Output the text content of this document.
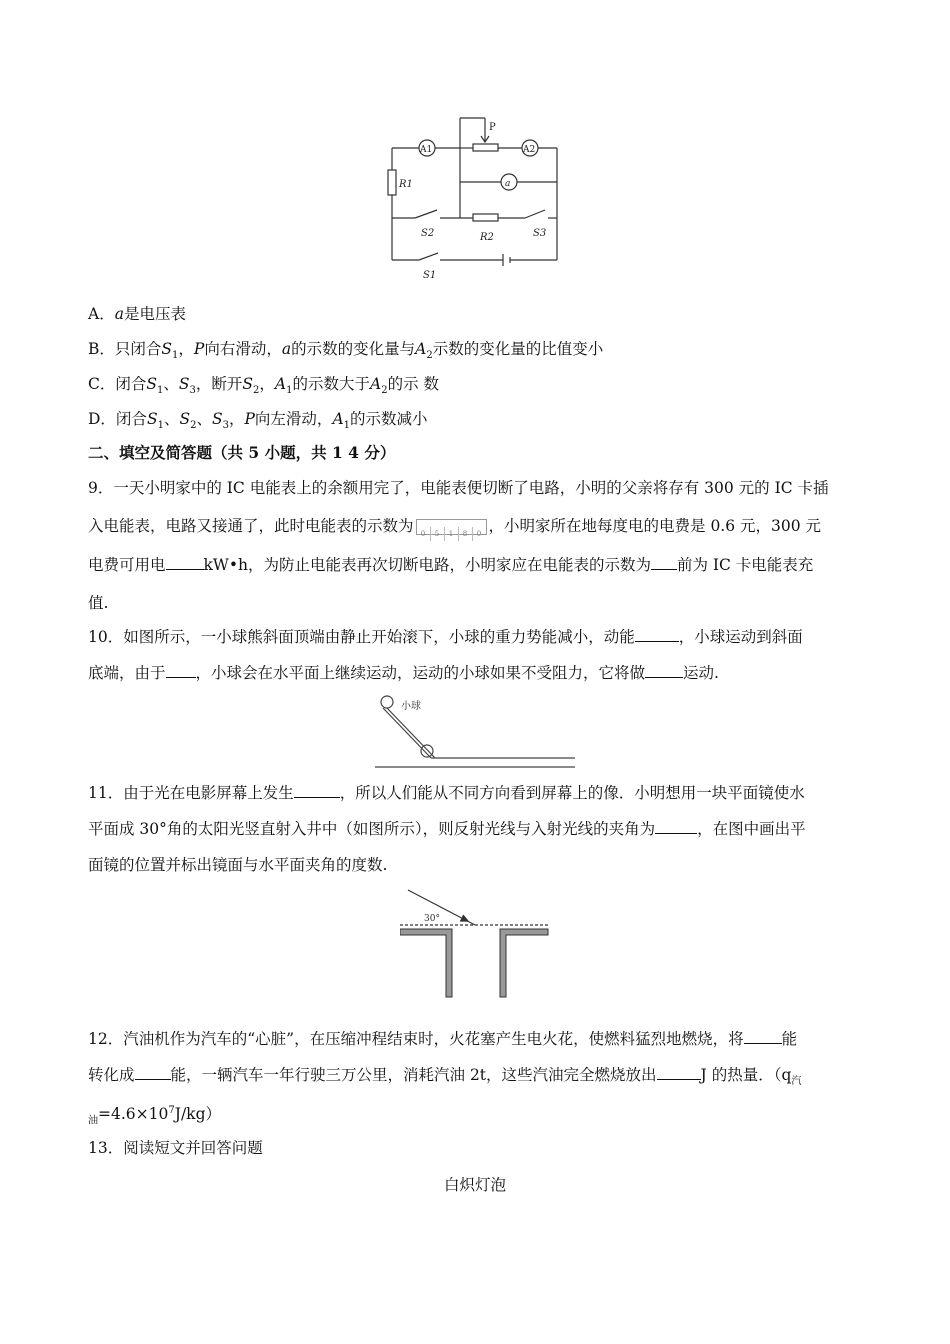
P
A1	A2
a
R1
R2
S2	S3
S1
A．a是电压表
B．只闭合$S_1$，P向右滑动，a的示数的变化量与$A_2$示数的变化量的比值变小
C．闭合$S_1$、$S_3$，断开$S_2$，$A_1$的示数大于$A_2$的示 数
D．闭合$S_1$、$S_2$、$S_3$，P向左滑动，$A_1$的示数减小
二、填空及简答题（共 5 小题，共 1 4 分）
9．一天小明家中的 IC 电能表上的余额用完了，电能表便切断了电路，小明的父亲将存有 300 元的 IC 卡插
入电能表，电路又接通了，此时电能表的示数为 0 5 1 8 0 ，小明家所在地每度电的电费是 0.6 元，300 元
电费可用电 kW•h，为防止电能表再次切断电路，小明家应在电能表的示数为 前为 IC 卡电能表充
值.
10．如图所示，一小球熊斜面顶端由静止开始滚下，小球的重力势能减小，动能	，小球运动到斜面
底端，由于 ，小球会在水平面上继续运动，运动的小球如果不受阻力，它将做 运动.
小球
11．由于光在电影屏幕上发生	，所以人们能从不同方向看到屏幕上的像．小明想用一块平面镜使水
平面成 30°角的太阳光竖直射入井中（如图所示），则反射光线与入射光线的夹角为	，在图中画出平
面镜的位置并标出镜面与水平面夹角的度数.
30°
12．汽油机作为汽车的“心脏”，在压缩冲程结束时，火花塞产生电火花，使燃料猛烈地燃烧，将 能
转化成 能，一辆汽车一年行驶三万公里，消耗汽油 2t，这些汽油完全燃烧放出	J 的热量．（$q_汽$
$_油=4.6\times 10^7J/kg$）
13．阅读短文并回答问题
白炽灯泡
